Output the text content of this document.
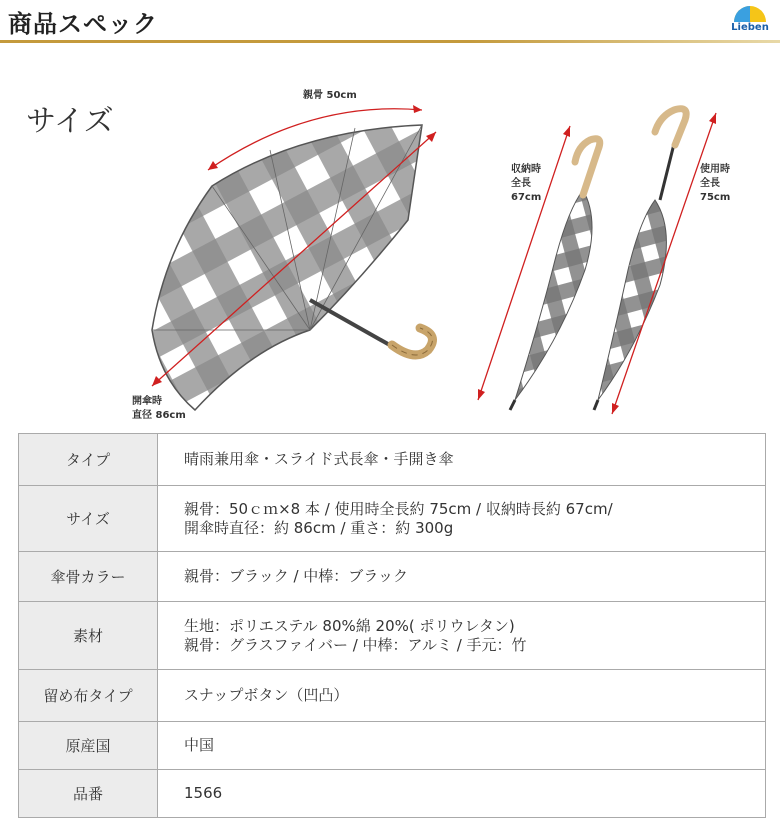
商品スペック	Lieben
サイズ
親骨 50cm
開傘時
直径 86cm
収納時
全長
67cm
使用時
全長
75cm
タイプ	晴雨兼用傘・スライド式長傘・手開き傘

サイズ	親骨：50ｃｍ×8 本 / 使用時全長約 75cm / 収納時長約 67cm/
開傘時直径：約 86cm / 重さ：約 300g

傘骨カラー	親骨：ブラック / 中棒：ブラック

素材	生地：ポリエステル 80%綿 20%( ポリウレタン)
親骨：グラスファイバー / 中棒：アルミ / 手元：竹

留め布タイプ	スナップボタン（凹凸）

原産国	中国

品番	1566
